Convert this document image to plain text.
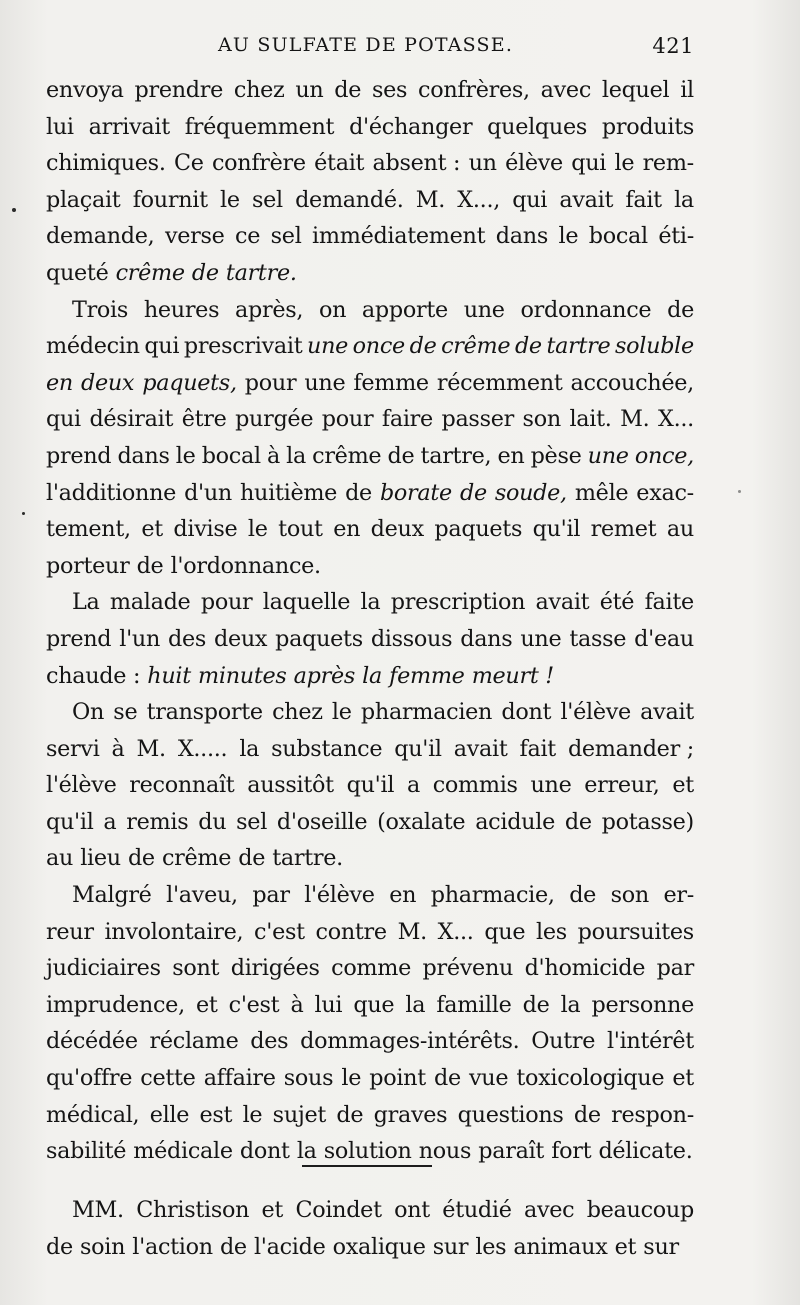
AU SULFATE DE POTASSE.	421
envoya prendre chez un de ses confrères, avec lequel il
lui arrivait fréquemment d'échanger quelques produits
chimiques. Ce confrère était absent : un élève qui le rem-
plaçait fournit le sel demandé. M. X..., qui avait fait la
demande, verse ce sel immédiatement dans le bocal éti-
queté crême de tartre.
Trois heures après, on apporte une ordonnance de
médecin qui prescrivait une once de crême de tartre soluble
en deux paquets, pour une femme récemment accouchée,
qui désirait être purgée pour faire passer son lait. M. X...
prend dans le bocal à la crême de tartre, en pèse une once,
l'additionne d'un huitième de borate de soude, mêle exac-
tement, et divise le tout en deux paquets qu'il remet au
porteur de l'ordonnance.
La malade pour laquelle la prescription avait été faite
prend l'un des deux paquets dissous dans une tasse d'eau
chaude : huit minutes après la femme meurt !
On se transporte chez le pharmacien dont l'élève avait
servi à M. X..... la substance qu'il avait fait demander ;
l'élève reconnaît aussitôt qu'il a commis une erreur, et
qu'il a remis du sel d'oseille (oxalate acidule de potasse)
au lieu de crême de tartre.
Malgré l'aveu, par l'élève en pharmacie, de son er-
reur involontaire, c'est contre M. X... que les poursuites
judiciaires sont dirigées comme prévenu d'homicide par
imprudence, et c'est à lui que la famille de la personne
décédée réclame des dommages-intérêts. Outre l'intérêt
qu'offre cette affaire sous le point de vue toxicologique et
médical, elle est le sujet de graves questions de respon-
sabilité médicale dont la solution nous paraît fort délicate.
MM. Christison et Coindet ont étudié avec beaucoup
de soin l'action de l'acide oxalique sur les animaux et sur
